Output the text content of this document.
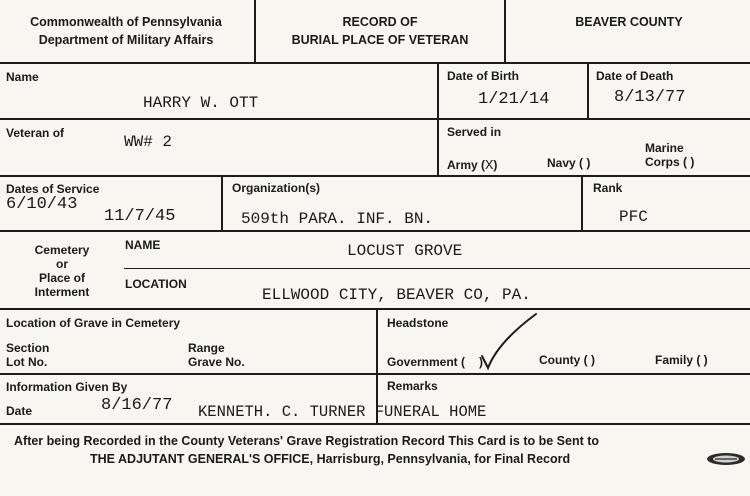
Commonwealth of Pennsylvania
Department of Military Affairs
RECORD OF
BURIAL PLACE OF VETERAN
BEAVER COUNTY
Name
HARRY W. OTT
Date of Birth
1/21/14
Date of Death
8/13/77
Veteran of	WW# 2
Served in
Army (X)	Navy ( )
Marine
Corps ( )
Dates of Service
6/10/43
11/7/45
Organization(s)
509th PARA. INF. BN.
Rank
PFC
Cemetery
or
Place of
Interment
NAME	LOCUST GROVE
LOCATION
ELLWOOD CITY, BEAVER CO, PA.
Location of Grave in Cemetery
Section
Lot No.
Range
Grave No.
Headstone
Government ( )	County ( )	Family ( )
Information Given By
Date	8/16/77 KENNETH. C. TURNER FUNERAL HOME
Remarks
After being Recorded in the County Veterans' Grave Registration Record This Card is to be Sent to
THE ADJUTANT GENERAL'S OFFICE, Harrisburg, Pennsylvania, for Final Record
